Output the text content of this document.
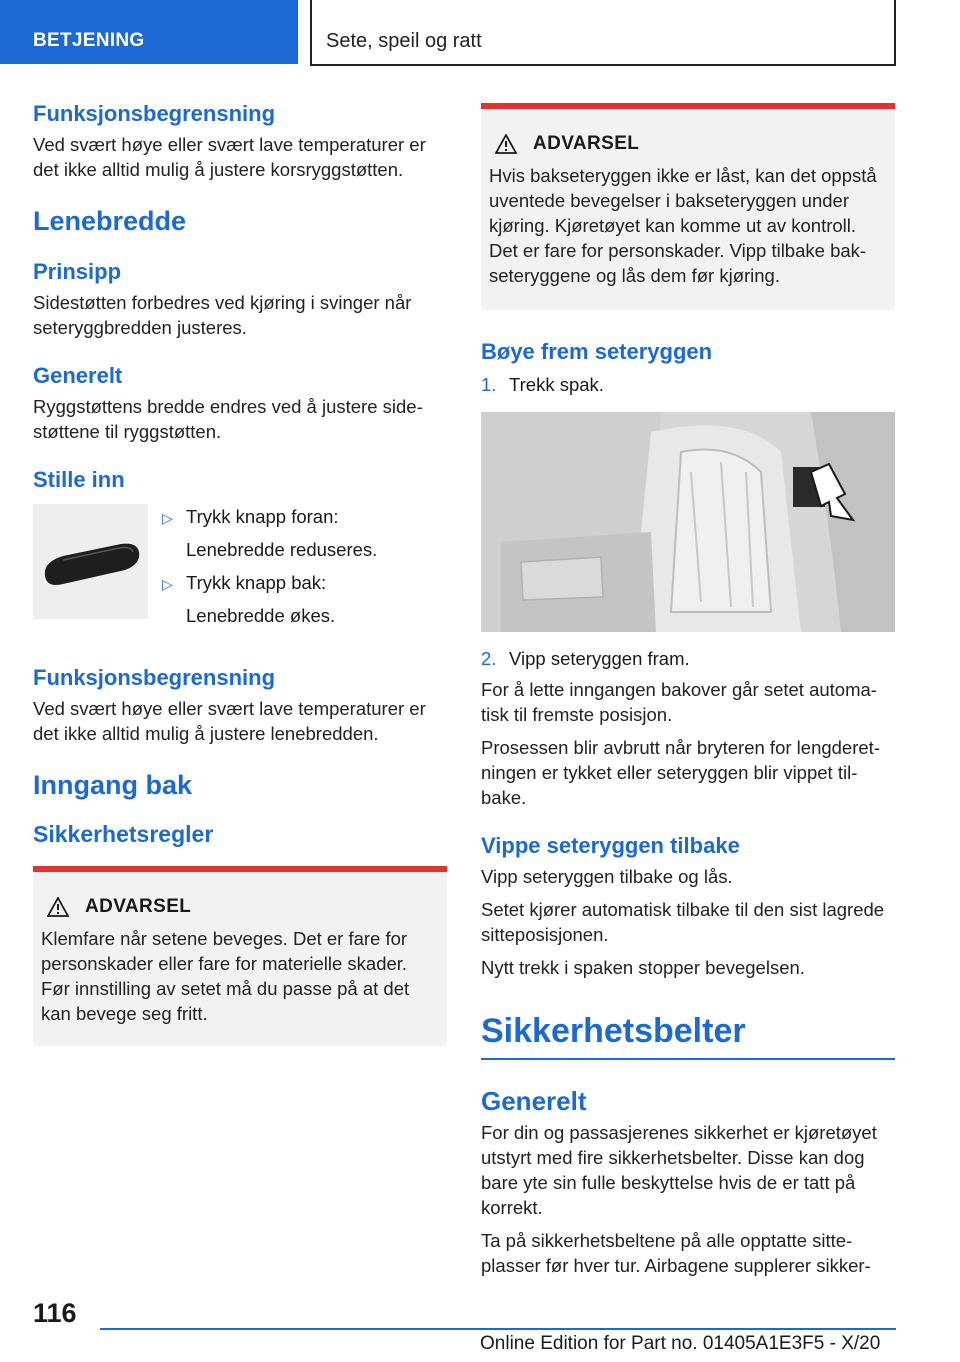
BETJENING	Sete, speil og ratt
Funksjonsbegrensning

Ved svært høye eller svært lave temperaturer er det ikke alltid mulig å justere korsryggstøtten.

Lenebredde
Prinsipp

Sidestøtten forbedres ved kjøring i svinger når seteryggbredden justeres.

Generelt

Ryggstøttens bredde endres ved å justere sidestøttene til ryggstøtten.

Stille inn
▷ Trykk knapp foran:
Lenebredde reduseres.
▷ Trykk knapp bak:
Lenebredde økes.
Funksjonsbegrensning

Ved svært høye eller svært lave temperaturer er det ikke alltid mulig å justere lenebredden.

Inngang bak
Sikkerhetsregler
ADVARSEL

Klemfare når setene beveges. Det er fare for personskader eller fare for materielle skader. Før innstilling av setet må du passe på at det kan bevege seg fritt.

ADVARSEL

Hvis bakseteryggen ikke er låst, kan det oppstå uventede bevegelser i bakseteryggen under kjøring. Kjøretøyet kan komme ut av kontroll. Det er fare for personskader. Vipp tilbake bakseteryggene og lås dem før kjøring.

Bøye frem seteryggen
1. Trekk spak.
2. Vipp seteryggen fram.

For å lette inngangen bakover går setet automatisk til fremste posisjon.

Prosessen blir avbrutt når bryteren for lengderetningen er tykket eller seteryggen blir vippet tilbake.

Vippe seteryggen tilbake

Vipp seteryggen tilbake og lås.

Setet kjører automatisk tilbake til den sist lagrede sitteposisjonen.

Nytt trekk i spaken stopper bevegelsen.

Sikkerhetsbelter
Generelt

For din og passasjerenes sikkerhet er kjøretøyet utstyrt med fire sikkerhetsbelter. Disse kan dog bare yte sin fulle beskyttelse hvis de er tatt på korrekt.

Ta på sikkerhetsbeltene på alle opptatte sitteplasser før hver tur. Airbagene supplerer sikker-

116
Online Edition for Part no. 01405A1E3F5 - X/20
